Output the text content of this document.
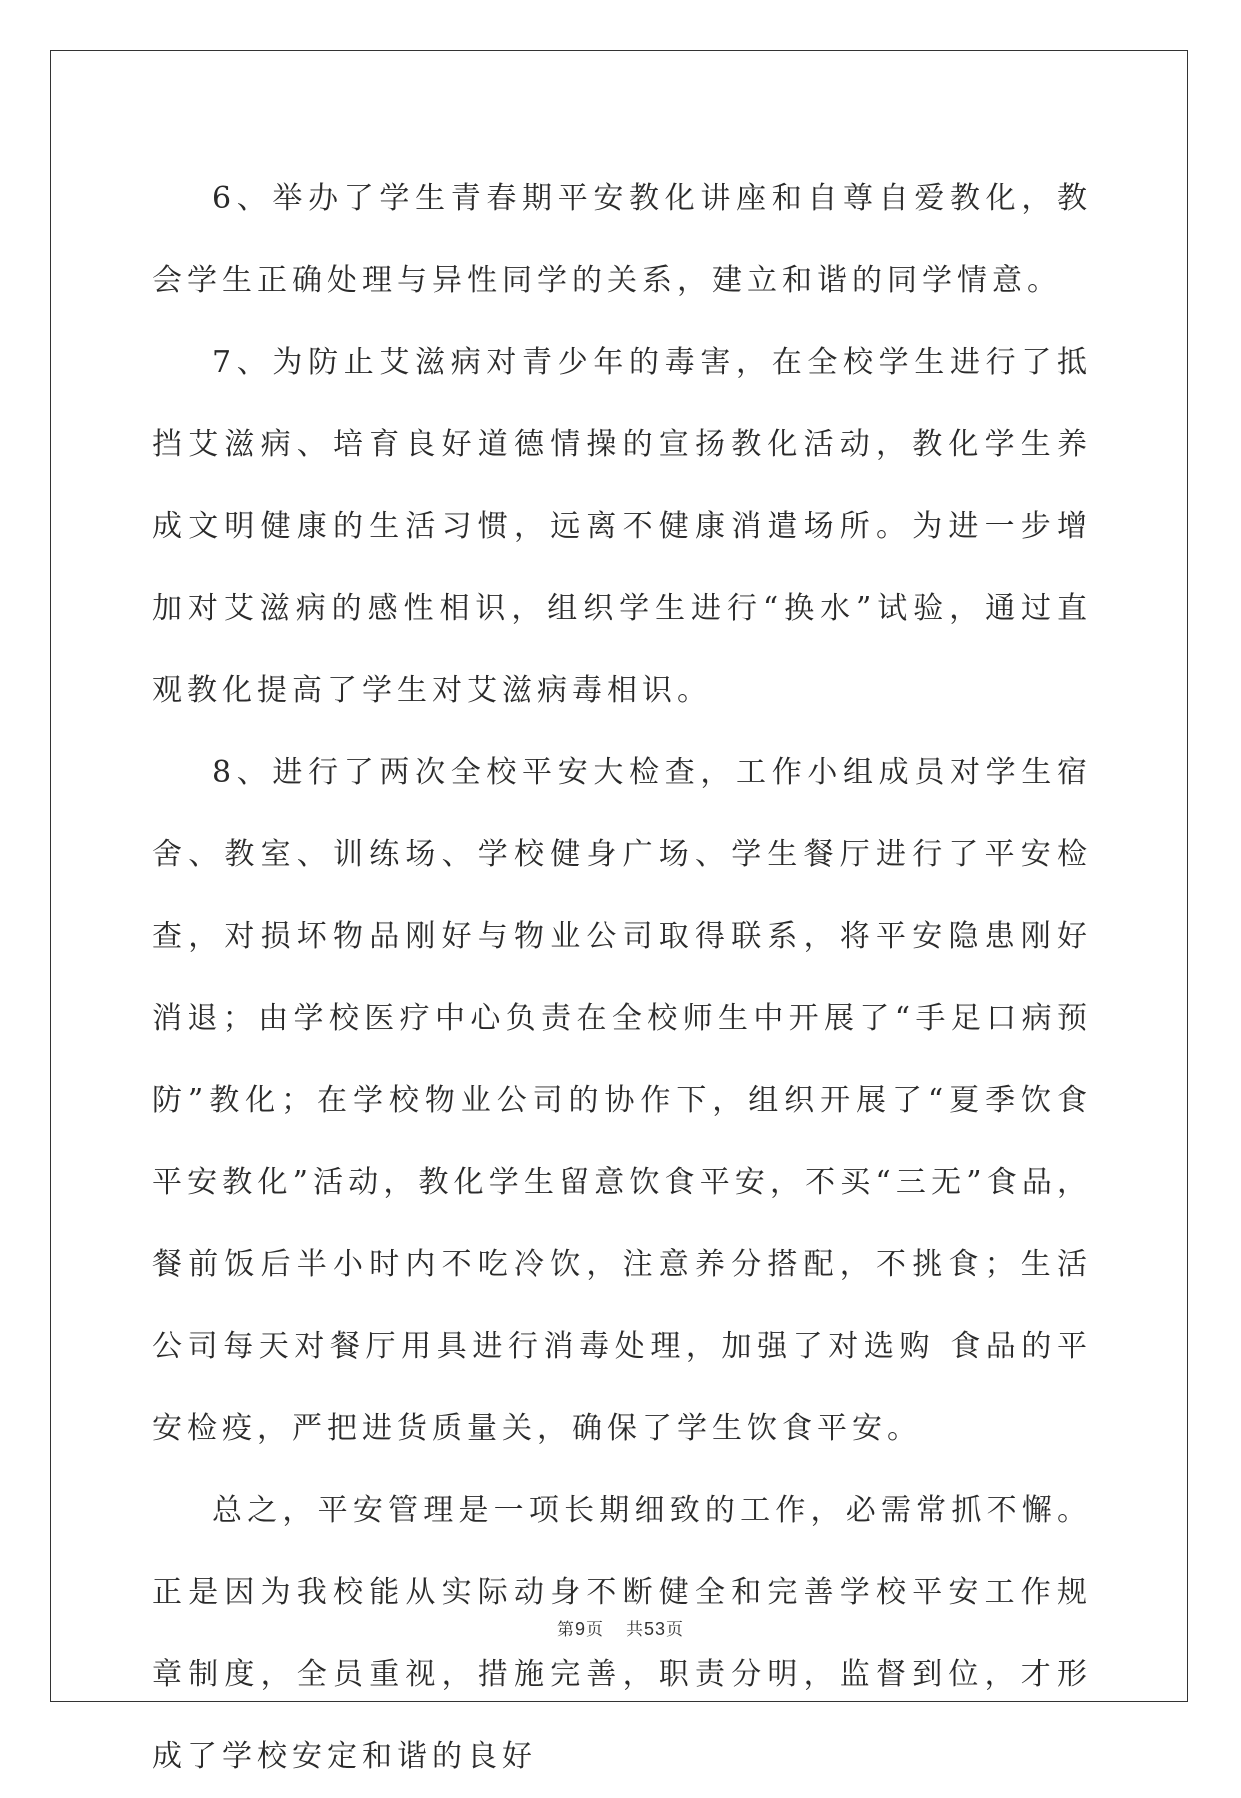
6、举办了学生青春期平安教化讲座和自尊自爱教化，教会学生正确处理与异性同学的关系，建立和谐的同学情意。

7、为防止艾滋病对青少年的毒害，在全校学生进行了抵挡艾滋病、培育良好道德情操的宣扬教化活动，教化学生养成文明健康的生活习惯，远离不健康消遣场所。为进一步增加对艾滋病的感性相识，组织学生进行“换水”试验，通过直观教化提高了学生对艾滋病毒相识。

8、进行了两次全校平安大检查，工作小组成员对学生宿舍、教室、训练场、学校健身广场、学生餐厅进行了平安检查，对损坏物品刚好与物业公司取得联系，将平安隐患刚好消退；由学校医疗中心负责在全校师生中开展了“手足口病预防”教化；在学校物业公司的协作下，组织开展了“夏季饮食平安教化”活动，教化学生留意饮食平安，不买“三无”食品，餐前饭后半小时内不吃冷饮，注意养分搭配，不挑食；生活公司每天对餐厅用具进行消毒处理，加强了对选购 食品的平安检疫，严把进货质量关，确保了学生饮食平安。

总之，平安管理是一项长期细致的工作，必需常抓不懈。正是因为我校能从实际动身不断健全和完善学校平安工作规章制度，全员重视，措施完善，职责分明，监督到位，才形成了学校安定和谐的良好

第9页 共53页
